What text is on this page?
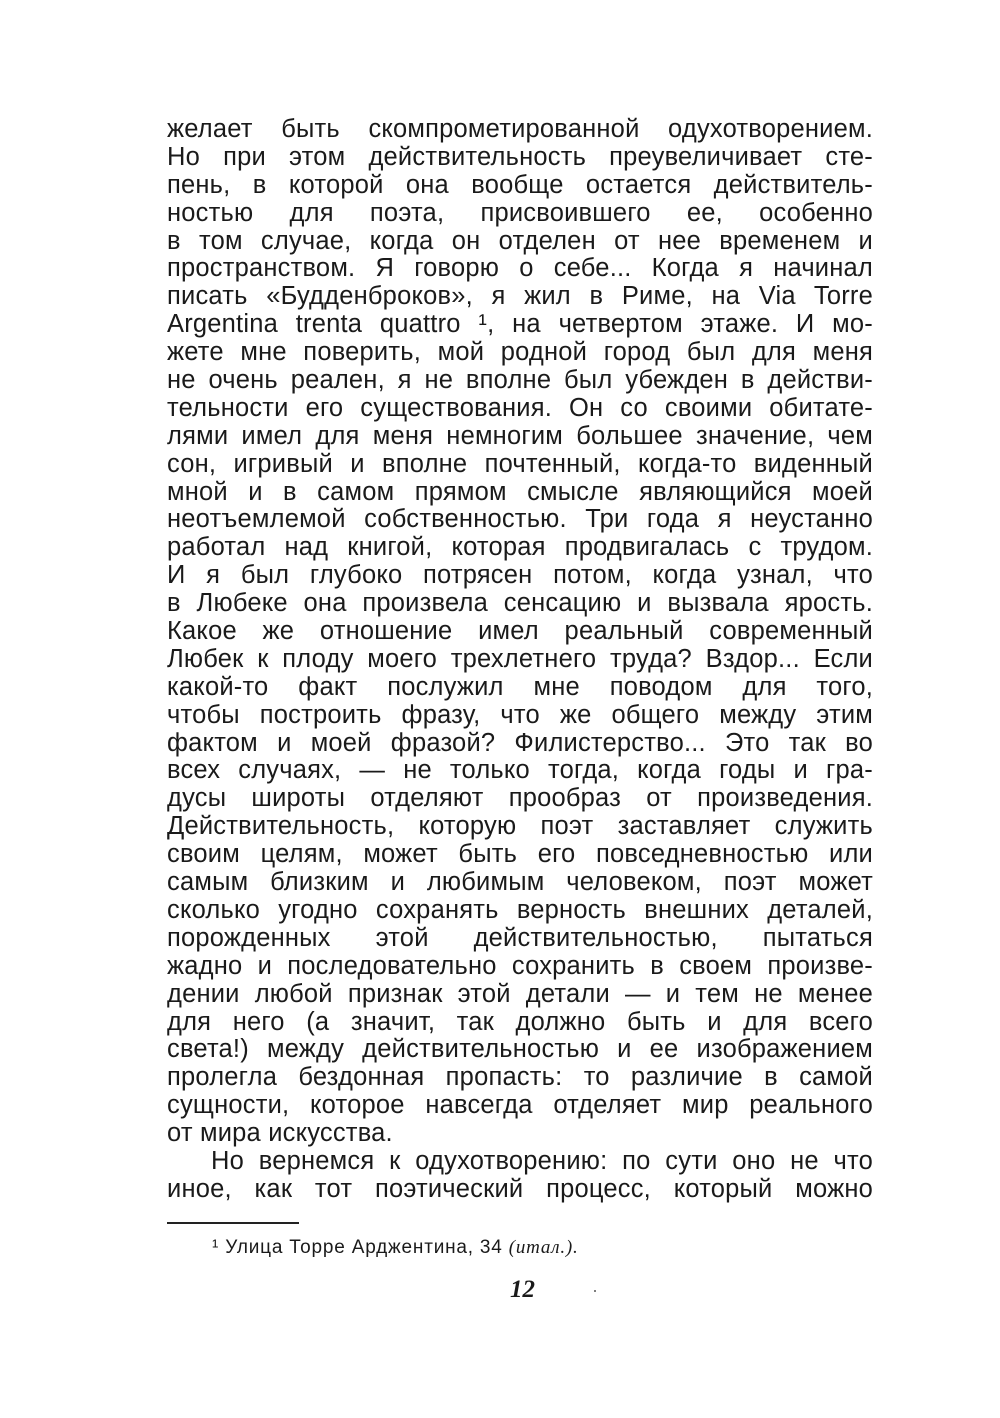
желает быть скомпрометированной одухотворением.
Но при этом действительность преувеличивает сте-
пень, в которой она вообще остается действитель-
ностью для поэта, присвоившего ее, особенно
в том случае, когда он отделен от нее временем и
пространством. Я говорю о себе... Когда я начинал
писать «Будденброков», я жил в Риме, на Via Torre
Argentina trenta quattro ¹, на четвертом этаже. И мо-
жете мне поверить, мой родной город был для меня
не очень реален, я не вполне был убежден в действи-
тельности его существования. Он со своими обитате-
лями имел для меня немногим большее значение, чем
сон, игривый и вполне почтенный, когда-то виденный
мной и в самом прямом смысле являющийся моей
неотъемлемой собственностью. Три года я неустанно
работал над книгой, которая продвигалась с трудом.
И я был глубоко потрясен потом, когда узнал, что
в Любеке она произвела сенсацию и вызвала ярость.
Какое же отношение имел реальный современный
Любек к плоду моего трехлетнего труда? Вздор... Если
какой-то факт послужил мне поводом для того,
чтобы построить фразу, что же общего между этим
фактом и моей фразой? Филистерство... Это так во
всех случаях, — не только тогда, когда годы и гра-
дусы широты отделяют прообраз от произведения.
Действительность, которую поэт заставляет служить
своим целям, может быть его повседневностью или
самым близким и любимым человеком, поэт может
сколько угодно сохранять верность внешних деталей,
порожденных этой действительностью, пытаться
жадно и последовательно сохранить в своем произве-
дении любой признак этой детали — и тем не менее
для него (а значит, так должно быть и для всего
света!) между действительностью и ее изображением
пролегла бездонная пропасть: то различие в самой
сущности, которое навсегда отделяет мир реального
от мира искусства.
Но вернемся к одухотворению: по сути оно не что
иное, как тот поэтический процесс, который можно
¹ Улица Торре Арджентина, 34 (итал.).
12
